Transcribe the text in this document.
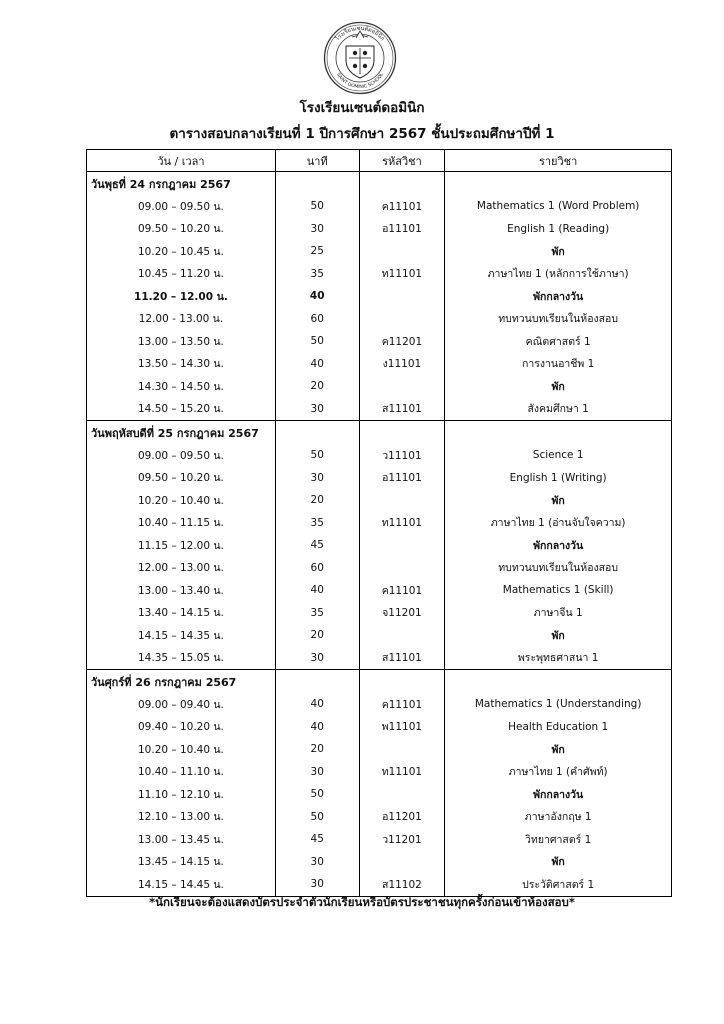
โรงเรียนเซนต์ดอมินิก
SAINT DOMINIC SCHOOL
โรงเรียนเซนต์ดอมินิก
ตารางสอบกลางเรียนที่ 1 ปีการศึกษา 2567 ชั้นประถมศึกษาปีที่ 1
วัน / เวลา	นาที	รหัสวิชา	รายวิชา
วันพุธที่ 24 กรกฎาคม 2567			
09.00 – 09.50 น.	50	ค11101	Mathematics 1 (Word Problem)
09.50 – 10.20 น.	30	อ11101	English 1 (Reading)
10.20 – 10.45 น.	25		พัก
10.45 – 11.20 น.	35	ท11101	ภาษาไทย 1 (หลักการใช้ภาษา)
11.20 – 12.00 น.	40		พักกลางวัน
12.00 - 13.00 น.	60		ทบทวนบทเรียนในห้องสอบ
13.00 – 13.50 น.	50	ค11201	คณิตศาสตร์ 1
13.50 – 14.30 น.	40	ง11101	การงานอาชีพ 1
14.30 – 14.50 น.	20		พัก
14.50 – 15.20 น.	30	ส11101	สังคมศึกษา 1
วันพฤหัสบดีที่ 25 กรกฎาคม 2567			
09.00 – 09.50 น.	50	ว11101	Science 1
09.50 – 10.20 น.	30	อ11101	English 1 (Writing)
10.20 – 10.40 น.	20		พัก
10.40 – 11.15 น.	35	ท11101	ภาษาไทย 1 (อ่านจับใจความ)
11.15 – 12.00 น.	45		พักกลางวัน
12.00 – 13.00 น.	60		ทบทวนบทเรียนในห้องสอบ
13.00 – 13.40 น.	40	ค11101	Mathematics 1 (Skill)
13.40 – 14.15 น.	35	จ11201	ภาษาจีน 1
14.15 – 14.35 น.	20		พัก
14.35 – 15.05 น.	30	ส11101	พระพุทธศาสนา 1
วันศุกร์ที่ 26 กรกฎาคม 2567			
09.00 – 09.40 น.	40	ค11101	Mathematics 1 (Understanding)
09.40 – 10.20 น.	40	พ11101	Health Education 1
10.20 – 10.40 น.	20		พัก
10.40 – 11.10 น.	30	ท11101	ภาษาไทย 1 (คำศัพท์)
11.10 – 12.10 น.	50		พักกลางวัน
12.10 – 13.00 น.	50	อ11201	ภาษาอังกฤษ 1
13.00 – 13.45 น.	45	ว11201	วิทยาศาสตร์ 1
13.45 – 14.15 น.	30		พัก
14.15 – 14.45 น.	30	ส11102	ประวัติศาสตร์ 1
*นักเรียนจะต้องแสดงบัตรประจำตัวนักเรียนหรือบัตรประชาชนทุกครั้งก่อนเข้าห้องสอบ*
